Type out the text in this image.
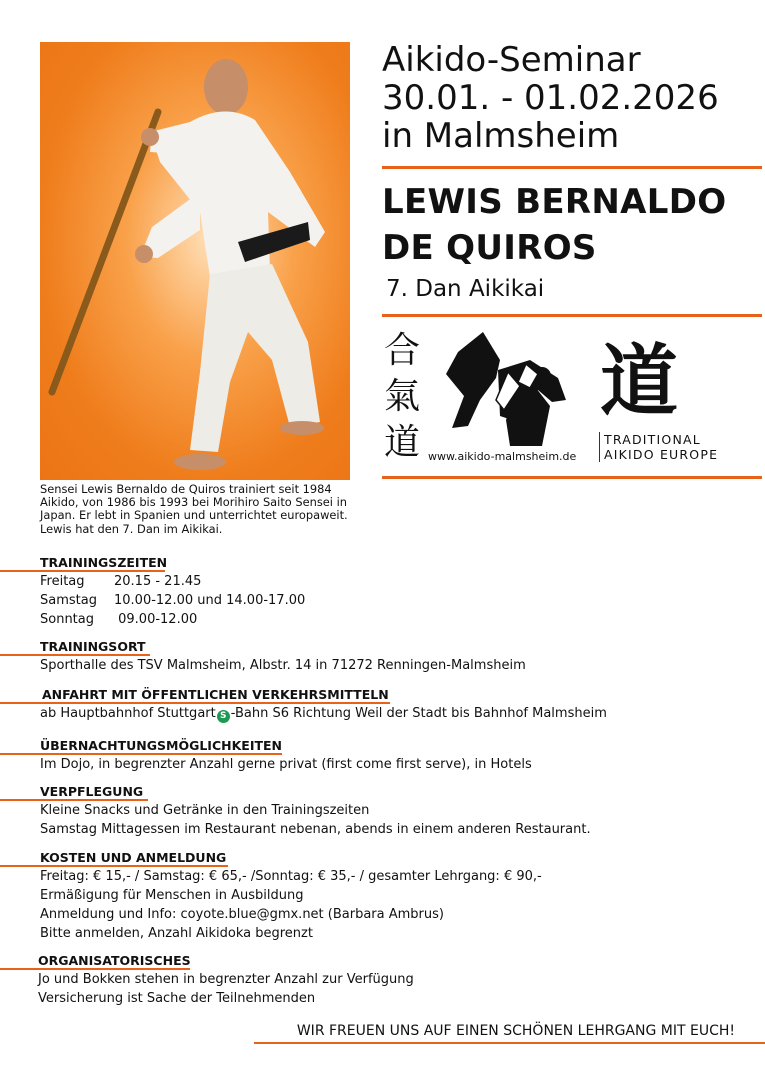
Sensei Lewis Bernaldo de Quiros trainiert seit 1984 Aikido, von 1986 bis 1993 bei Morihiro Saito Sensei in Japan. Er lebt in Spanien und unterrichtet europaweit. Lewis hat den 7. Dan im Aikikai.
Aikido-Seminar
30.01. - 01.02.2026
in Malmsheim
LEWIS BERNALDO
DE QUIROS
7. Dan Aikikai
合
氣
道 www.aikido-malmsheim.de
道
TRADITIONAL
AIKIDO EUROPE
TRAININGSZEITEN
Freitag 20.15 - 21.45
Samstag 10.00-12.00 und 14.00-17.00
Sonntag 09.00-12.00
TRAININGSORT
Sporthalle des TSV Malmsheim, Albstr. 14 in 71272 Renningen-Malmsheim
ANFAHRT MIT ÖFFENTLICHEN VERKEHRSMITTELN
ab Hauptbahnhof Stuttgart S -Bahn S6 Richtung Weil der Stadt bis Bahnhof Malmsheim
ÜBERNACHTUNGSMÖGLICHKEITEN
Im Dojo, in begrenzter Anzahl gerne privat (first come first serve), in Hotels
VERPFLEGUNG
Kleine Snacks und Getränke in den Trainingszeiten
Samstag Mittagessen im Restaurant nebenan, abends in einem anderen Restaurant.
KOSTEN UND ANMELDUNG
Freitag: € 15,- / Samstag: € 65,- /Sonntag: € 35,- / gesamter Lehrgang: € 90,-
Ermäßigung für Menschen in Ausbildung
Anmeldung und Info: coyote.blue@gmx.net (Barbara Ambrus)
Bitte anmelden, Anzahl Aikidoka begrenzt
ORGANISATORISCHES
Jo und Bokken stehen in begrenzter Anzahl zur Verfügung
Versicherung ist Sache der Teilnehmenden
WIR FREUEN UNS AUF EINEN SCHÖNEN LEHRGANG MIT EUCH!
